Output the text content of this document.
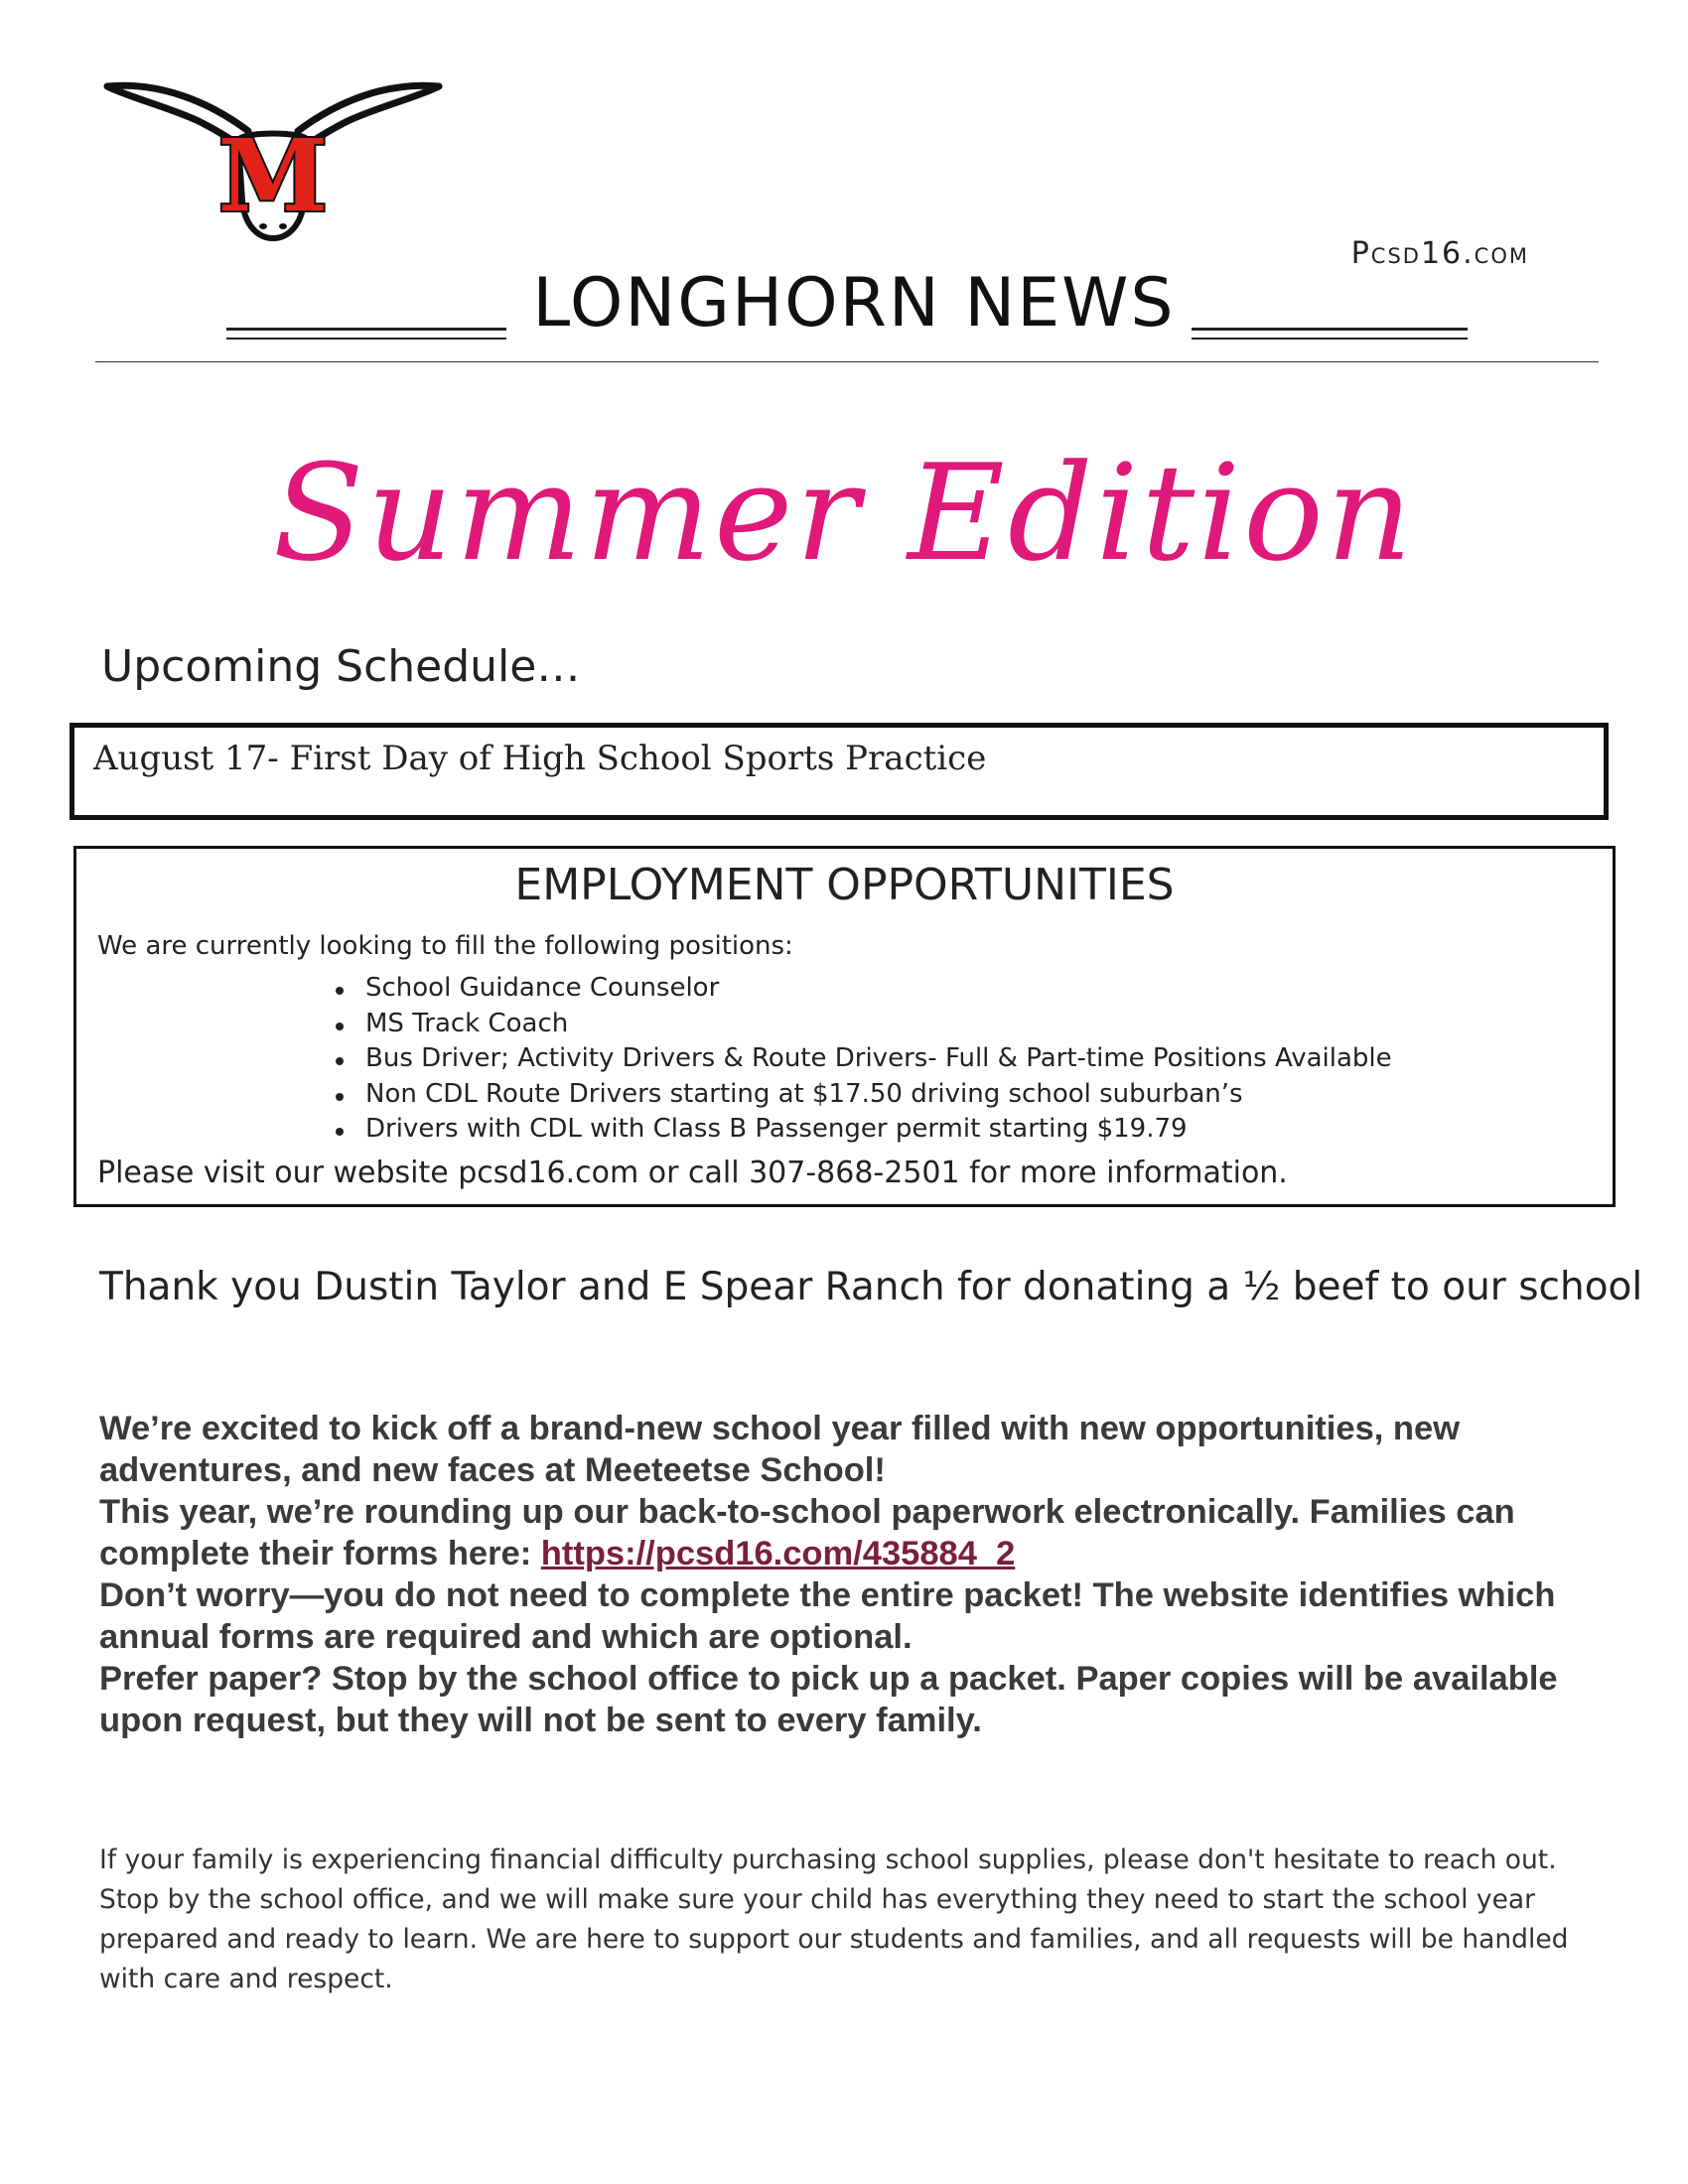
M
Pcsd16.com
LONGHORN NEWS
Summer Edition
Upcoming Schedule…
August 17- First Day of High School Sports Practice
EMPLOYMENT OPPORTUNITIES
We are currently looking to fill the following positions:
School Guidance Counselor
MS Track Coach
Bus Driver; Activity Drivers & Route Drivers- Full & Part-time Positions Available
Non CDL Route Drivers starting at $17.50 driving school suburban’s
Drivers with CDL with Class B Passenger permit starting $19.79
Please visit our website pcsd16.com or call 307-868-2501 for more information.
Thank you Dustin Taylor and E Spear Ranch for donating a ½ beef to our school

We’re excited to kick off a brand-new school year filled with new opportunities, new adventures, and new faces at Meeteetse School!

This year, we’re rounding up our back-to-school paperwork electronically. Families can complete their forms here: https://pcsd16.com/435884_2

Don’t worry—you do not need to complete the entire packet! The website identifies which annual forms are required and which are optional.

Prefer paper? Stop by the school office to pick up a packet. Paper copies will be available upon request, but they will not be sent to every family.

If your family is experiencing financial difficulty purchasing school supplies, please don't hesitate to reach out. Stop by the school office, and we will make sure your child has everything they need to start the school year prepared and ready to learn. We are here to support our students and families, and all requests will be handled with care and respect.
